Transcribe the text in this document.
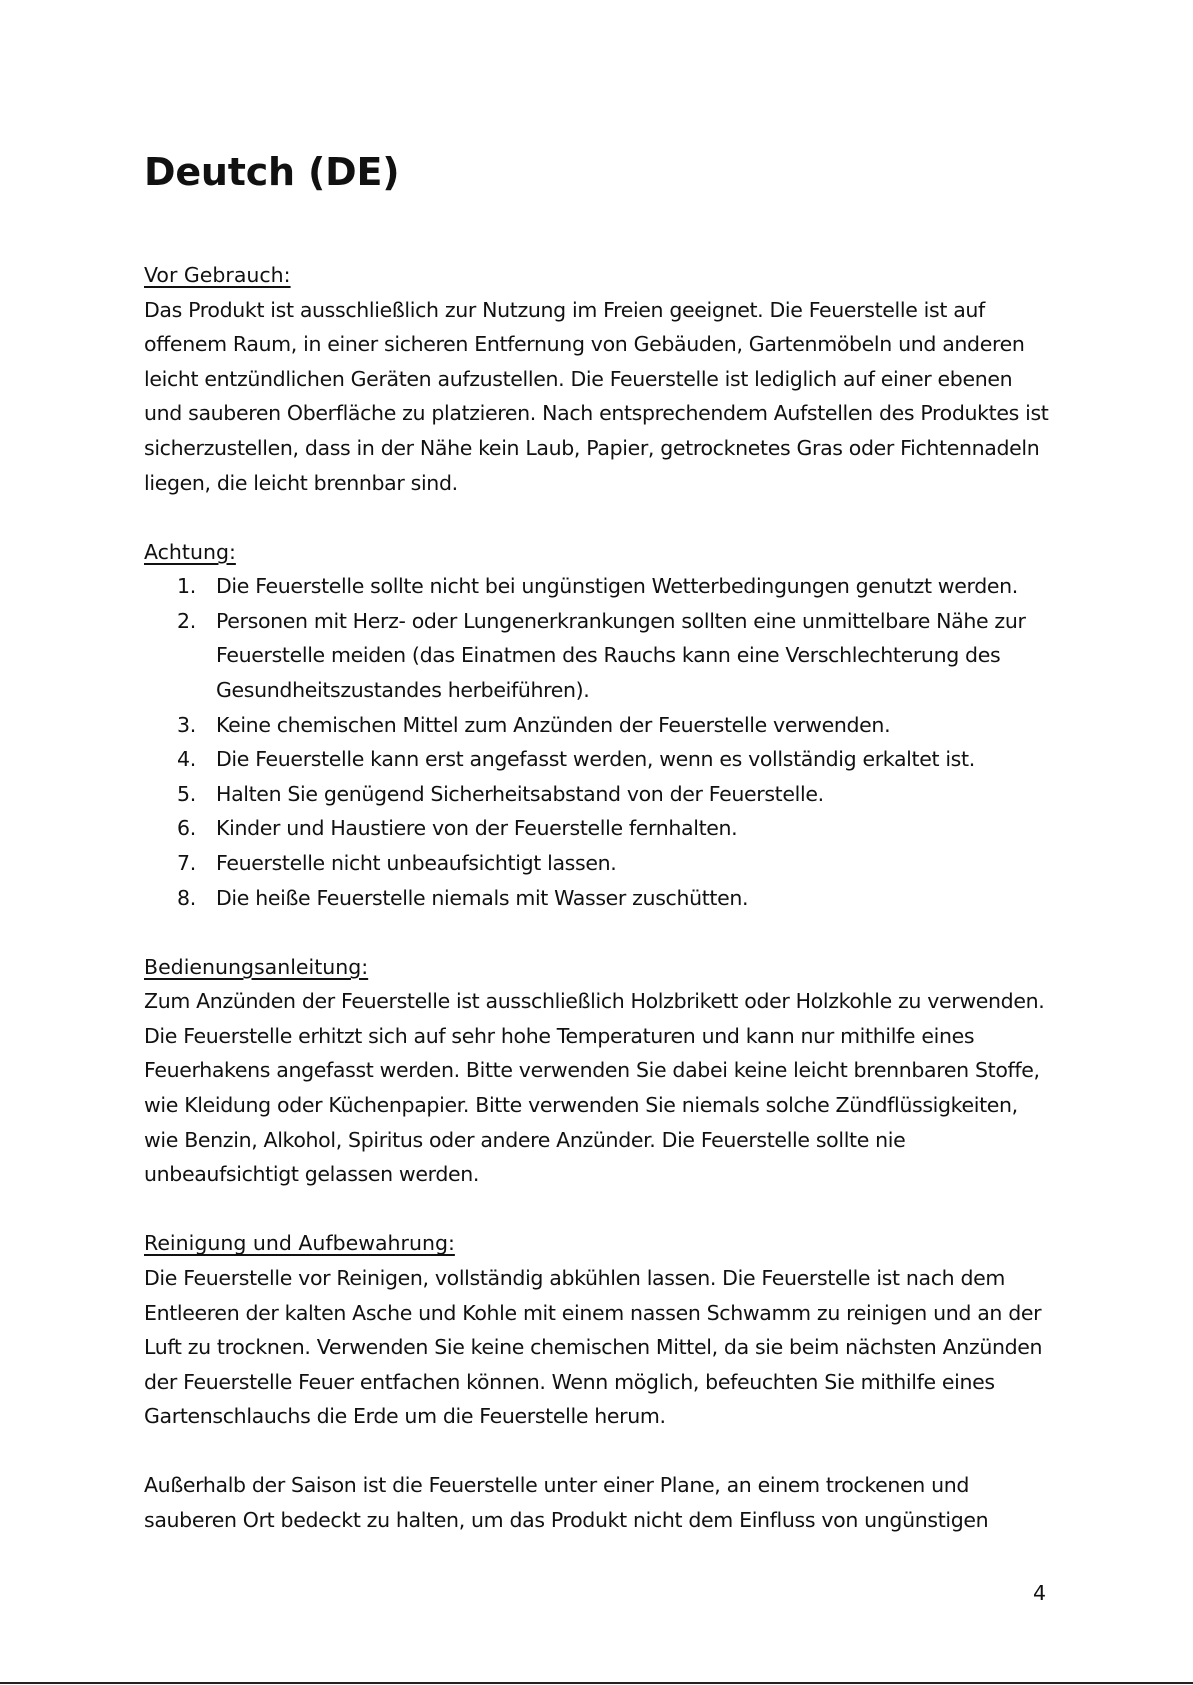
Deutch (DE)
Vor Gebrauch:

Das Produkt ist ausschließlich zur Nutzung im Freien geeignet. Die Feuerstelle ist auf offenem Raum, in einer sicheren Entfernung von Gebäuden, Gartenmöbeln und anderen leicht entzündlichen Geräten aufzustellen. Die Feuerstelle ist lediglich auf einer ebenen und sauberen Oberfläche zu platzieren. Nach entsprechendem Aufstellen des Produktes ist sicherzustellen, dass in der Nähe kein Laub, Papier, getrocknetes Gras oder Fichtennadeln liegen, die leicht brennbar sind.

Achtung:
1. Die Feuerstelle sollte nicht bei ungünstigen Wetterbedingungen genutzt werden.
2. Personen mit Herz- oder Lungenerkrankungen sollten eine unmittelbare Nähe zur Feuerstelle meiden (das Einatmen des Rauchs kann eine Verschlechterung des Gesundheitszustandes herbeiführen).
3. Keine chemischen Mittel zum Anzünden der Feuerstelle verwenden.
4. Die Feuerstelle kann erst angefasst werden, wenn es vollständig erkaltet ist.
5. Halten Sie genügend Sicherheitsabstand von der Feuerstelle.
6. Kinder und Haustiere von der Feuerstelle fernhalten.
7. Feuerstelle nicht unbeaufsichtigt lassen.
8. Die heiße Feuerstelle niemals mit Wasser zuschütten.
Bedienungsanleitung:

Zum Anzünden der Feuerstelle ist ausschließlich Holzbrikett oder Holzkohle zu verwenden. Die Feuerstelle erhitzt sich auf sehr hohe Temperaturen und kann nur mithilfe eines Feuerhakens angefasst werden. Bitte verwenden Sie dabei keine leicht brennbaren Stoffe, wie Kleidung oder Küchenpapier. Bitte verwenden Sie niemals solche Zündflüssigkeiten, wie Benzin, Alkohol, Spiritus oder andere Anzünder. Die Feuerstelle sollte nie unbeaufsichtigt gelassen werden.

Reinigung und Aufbewahrung:

Die Feuerstelle vor Reinigen, vollständig abkühlen lassen. Die Feuerstelle ist nach dem Entleeren der kalten Asche und Kohle mit einem nassen Schwamm zu reinigen und an der Luft zu trocknen. Verwenden Sie keine chemischen Mittel, da sie beim nächsten Anzünden der Feuerstelle Feuer entfachen können. Wenn möglich, befeuchten Sie mithilfe eines Gartenschlauchs die Erde um die Feuerstelle herum.

Außerhalb der Saison ist die Feuerstelle unter einer Plane, an einem trockenen und sauberen Ort bedeckt zu halten, um das Produkt nicht dem Einfluss von ungünstigen

4
